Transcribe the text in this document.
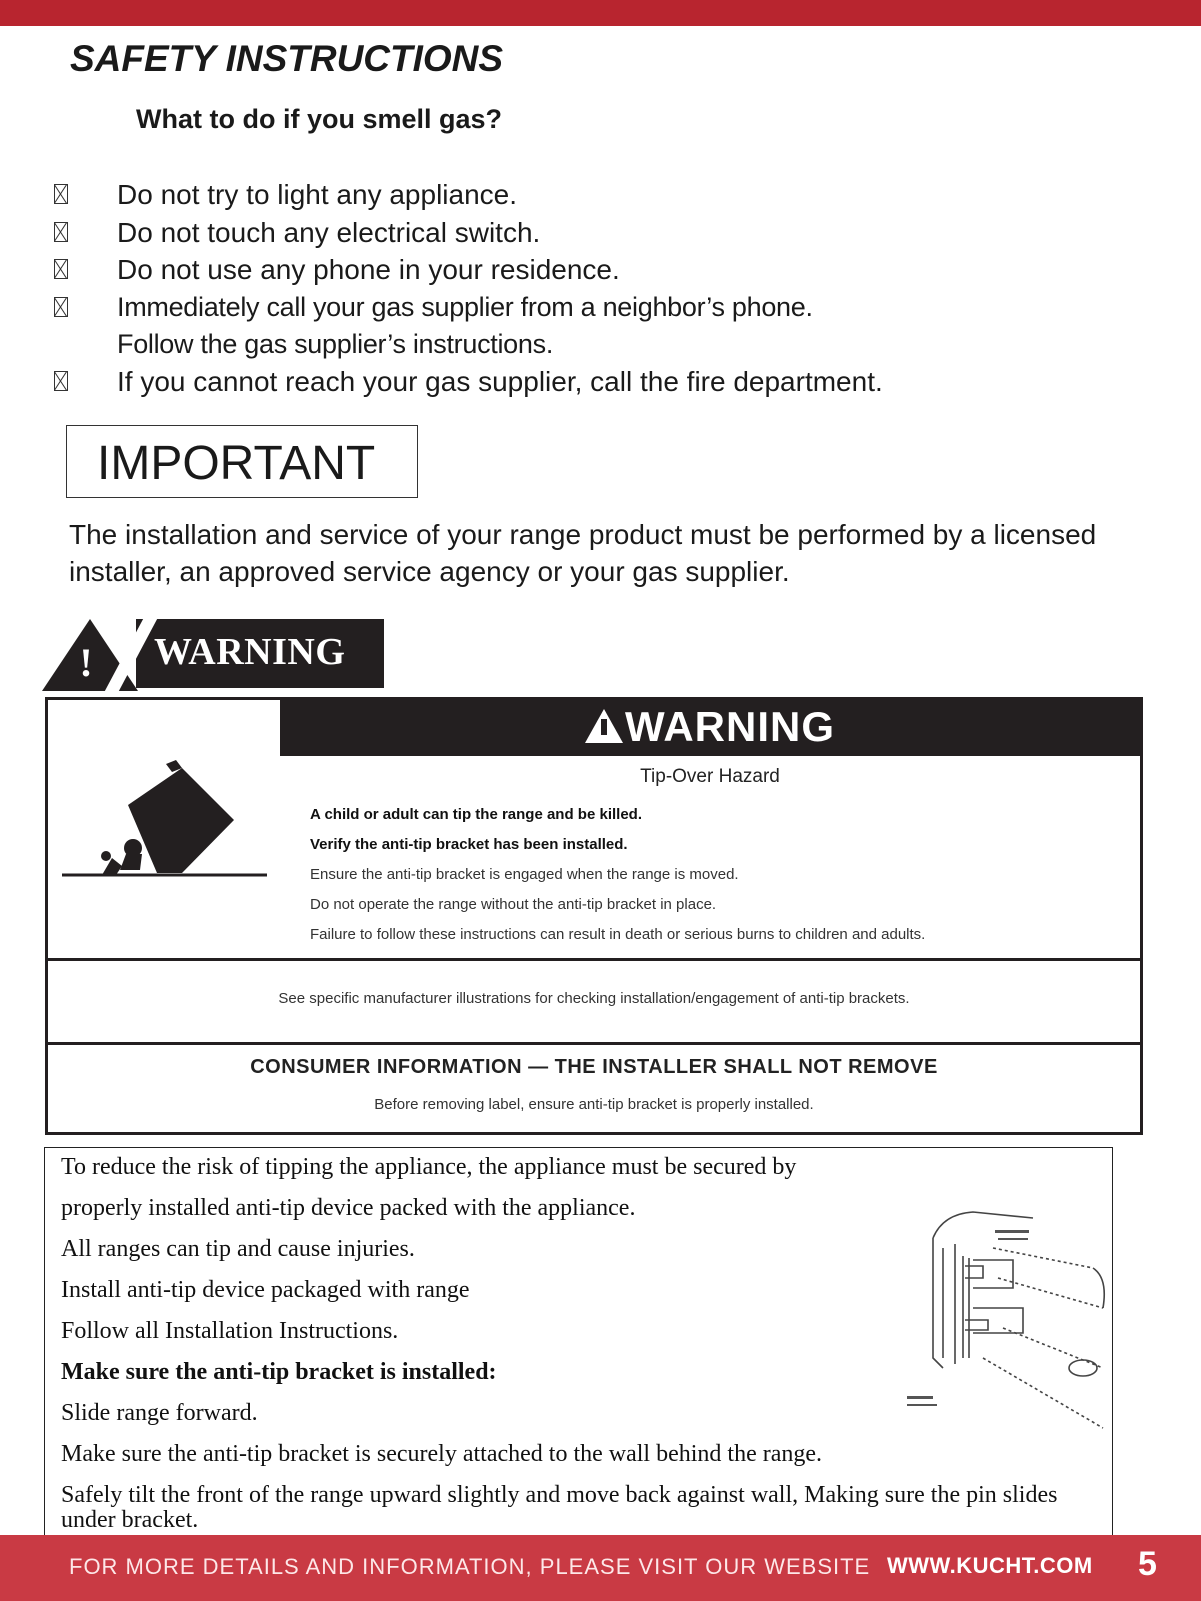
SAFETY INSTRUCTIONS
What to do if you smell gas?
Do not try to light any appliance.
Do not touch any electrical switch.
Do not use any phone in your residence.
Immediately call your gas supplier from a neighbor’s phone.
Follow the gas supplier’s instructions.
If you cannot reach your gas supplier, call the fire department.
IMPORTANT
The installation and service of your range product must be performed by a licensed installer, an approved service agency or your gas supplier.
! WARNING
WARNING
Tip-Over Hazard
A child or adult can tip the range and be killed.
Verify the anti-tip bracket has been installed.
Ensure the anti-tip bracket is engaged when the range is moved.
Do not operate the range without the anti-tip bracket in place.
Failure to follow these instructions can result in death or serious burns to children and adults.
See specific manufacturer illustrations for checking installation/engagement of anti-tip brackets.
CONSUMER INFORMATION — THE INSTALLER SHALL NOT REMOVE
Before removing label, ensure anti-tip bracket is properly installed.
To reduce the risk of tipping the appliance, the appliance must be secured by
properly installed anti-tip device packed with the appliance.
All ranges can tip and cause injuries.
Install anti-tip device packaged with range
Follow all Installation Instructions.
Make sure the anti-tip bracket is installed:
Slide range forward.
Make sure the anti-tip bracket is securely attached to the wall behind the range.
Safely tilt the front of the range upward slightly and move back against wall, Making sure the pin slides under bracket.
FOR MORE DETAILS AND INFORMATION, PLEASE VISIT OUR WEBSITE WWW.KUCHT.COM 5
